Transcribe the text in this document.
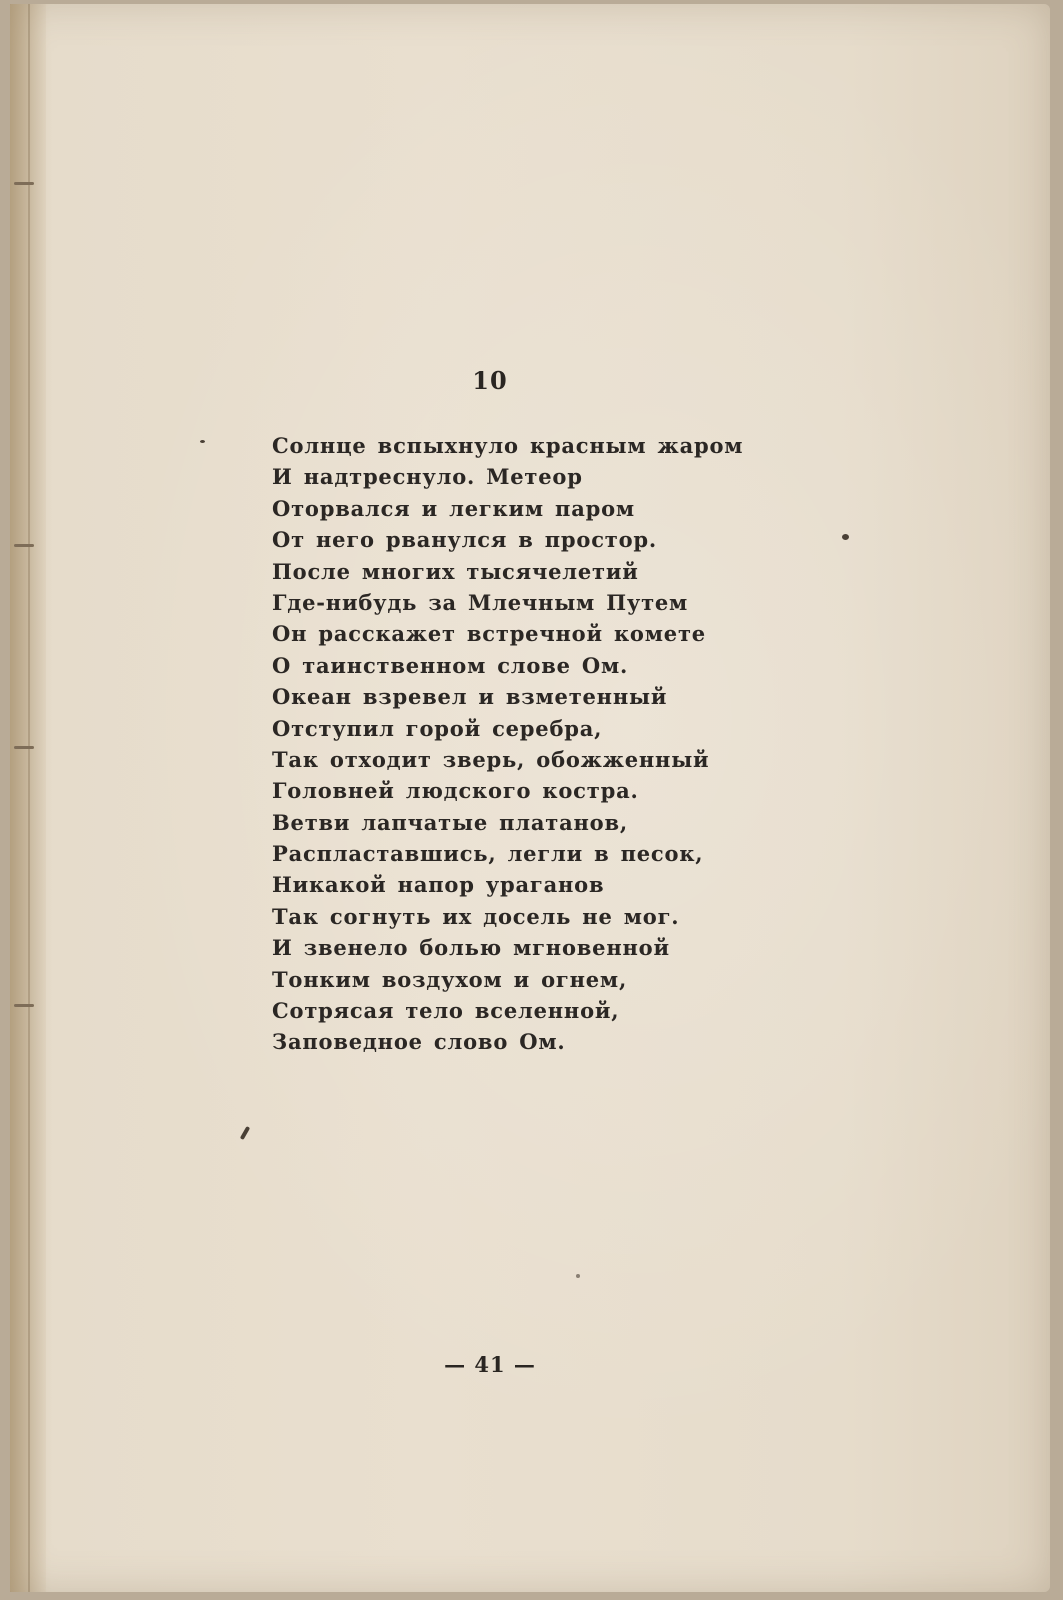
10
Солнце вспыхнуло красным жаром
И надтреснуло. Метеор
Оторвался и легким паром
От него рванулся в простор.
После многих тысячелетий
Где-нибудь за Млечным Путем
Он расскажет встречной комете
О таинственном слове Ом.
Океан взревел и взметенный
Отступил горой серебра,
Так отходит зверь, обожженный
Головней людского костра.
Ветви лапчатые платанов,
Распластавшись, легли в песок,
Никакой напор ураганов
Так согнуть их досель не мог.
И звенело болью мгновенной
Тонким воздухом и огнем,
Сотрясая тело вселенной,
Заповедное слово Ом.
— 41 —
